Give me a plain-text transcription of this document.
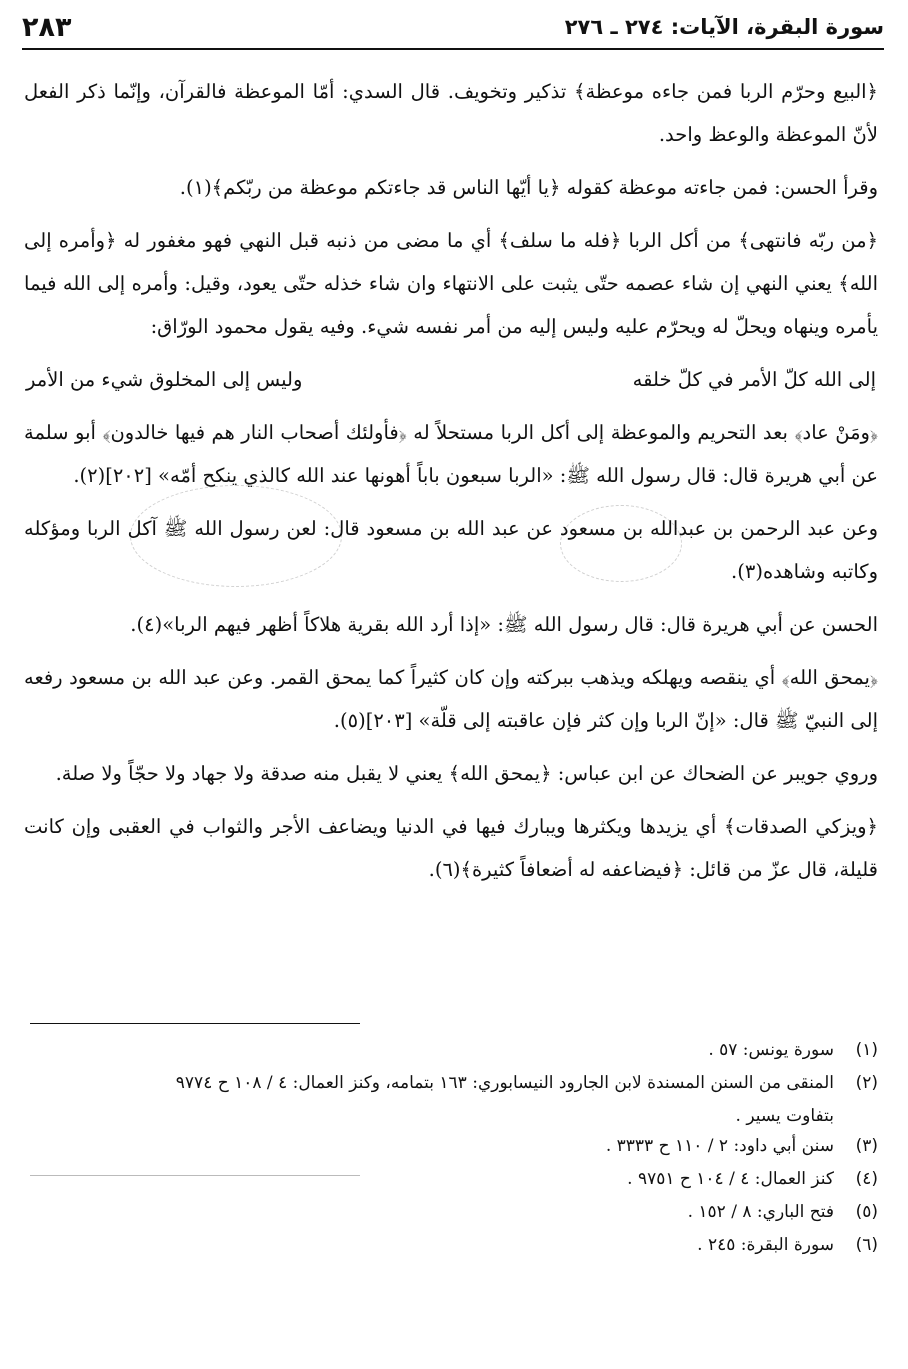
سورة البقرة، الآيات: ٢٧٤ ـ ٢٧٦
٢٨٣

﴿البيع وحرّم الربا فمن جاءه موعظة﴾ تذكير وتخويف. قال السدي: أمّا الموعظة فالقرآن، وإنّما ذكر الفعل لأنّ الموعظة والوعظ واحد.

وقرأ الحسن: فمن جاءته موعظة كقوله ﴿يا أيّها الناس قد جاءتكم موعظة من ربّكم﴾(١).

﴿من ربّه فانتهى﴾ من أكل الربا ﴿فله ما سلف﴾ أي ما مضى من ذنبه قبل النهي فهو مغفور له ﴿وأمره إلى الله﴾ يعني النهي إن شاء عصمه حتّى يثبت على الانتهاء وان شاء خذله حتّى يعود، وقيل: وأمره إلى الله فيما يأمره وينهاه ويحلّ له ويحرّم عليه وليس إليه من أمر نفسه شيء. وفيه يقول محمود الورّاق:

إلى الله كلّ الأمر في كلّ خلقه
وليس إلى المخلوق شيء من الأمر

﴿ومَنْ عاد﴾ بعد التحريم والموعظة إلى أكل الربا مستحلاً له ﴿فأولئك أصحاب النار هم فيها خالدون﴾ أبو سلمة عن أبي هريرة قال: قال رسول الله ﷺ: «الربا سبعون باباً أهونها عند الله كالذي ينكح أمّه» [٢٠٢](٢).

وعن عبد الرحمن بن عبدالله بن مسعود عن عبد الله بن مسعود قال: لعن رسول الله ﷺ آكل الربا ومؤكله وكاتبه وشاهده(٣).

الحسن عن أبي هريرة قال: قال رسول الله ﷺ: «إذا أرد الله بقرية هلاكاً أظهر فيهم الربا»(٤).

﴿يمحق الله﴾ أي ينقصه ويهلكه ويذهب ببركته وإن كان كثيراً كما يمحق القمر. وعن عبد الله بن مسعود رفعه إلى النبيّ ﷺ قال: «إنّ الربا وإن كثر فإن عاقبته إلى قلّة» [٢٠٣](٥).

وروي جويبر عن الضحاك عن ابن عباس: ﴿يمحق الله﴾ يعني لا يقبل منه صدقة ولا جهاد ولا حجّاً ولا صلة.

﴿ويزكي الصدقات﴾ أي يزيدها ويكثرها ويبارك فيها في الدنيا ويضاعف الأجر والثواب في العقبى وإن كانت قليلة، قال عزّ من قائل: ﴿فيضاعفه له أضعافاً كثيرة﴾(٦).

(١)
سورة يونس: ٥٧ .
(٢)
المنقى من السنن المسندة لابن الجارود النيسابوري: ١٦٣ بتمامه، وكنز العمال: ٤ / ١٠٨ ح ٩٧٧٤
بتفاوت يسير .
(٣)
سنن أبي داود: ٢ / ١١٠ ح ٣٣٣٣ .
(٤)
كنز العمال: ٤ / ١٠٤ ح ٩٧٥١ .
(٥)
فتح الباري: ٨ / ١٥٢ .
(٦)
سورة البقرة: ٢٤٥ .
